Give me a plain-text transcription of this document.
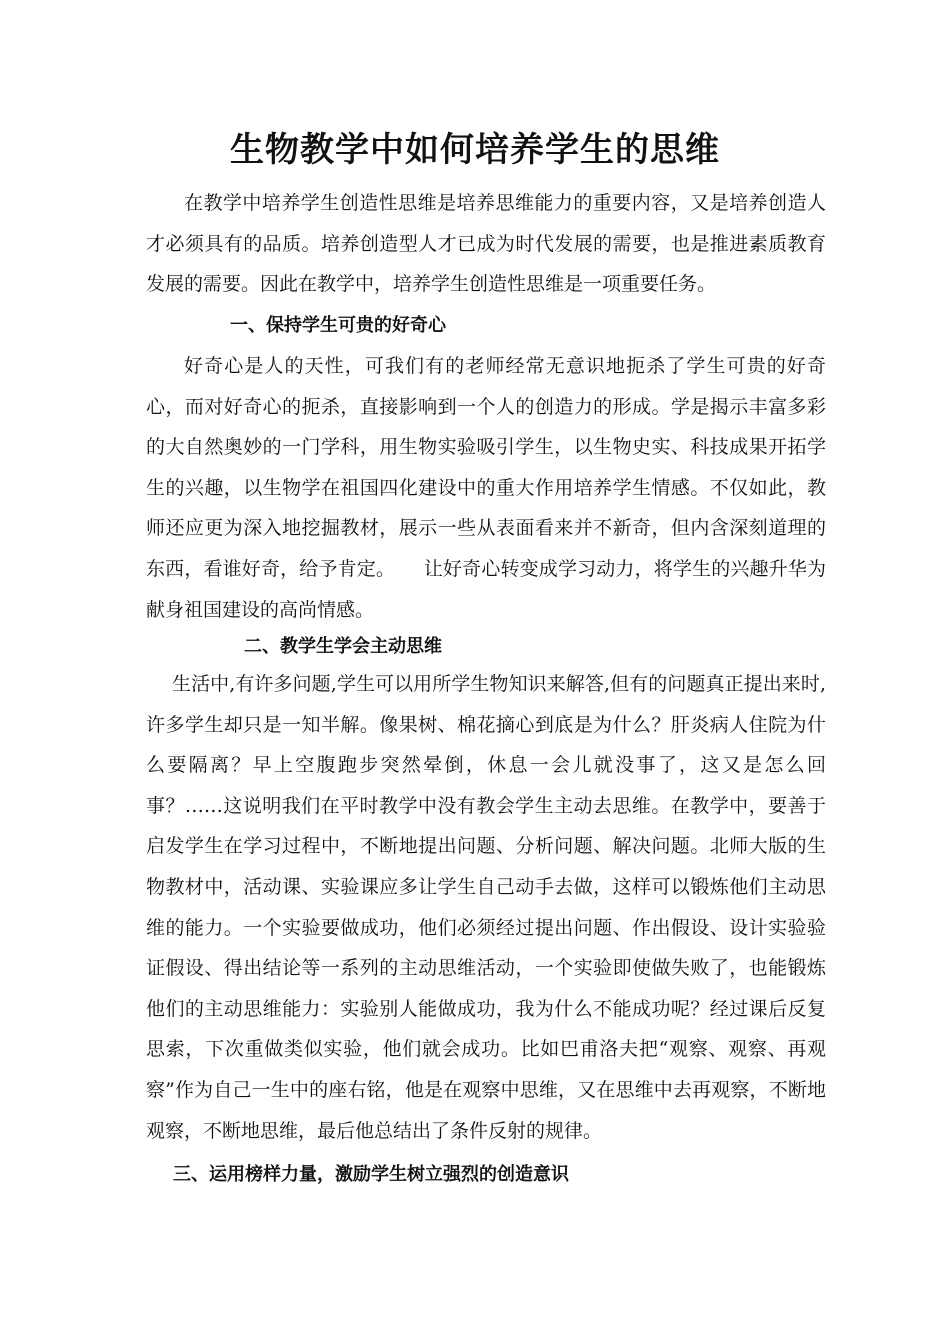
生物教学中如何培养学生的思维

在教学中培养学生创造性思维是培养思维能力的重要内容，又是培养创造人才必须具有的品质。培养创造型人才已成为时代发展的需要，也是推进素质教育发展的需要。因此在教学中，培养学生创造性思维是一项重要任务。

一、保持学生可贵的好奇心

好奇心是人的天性，可我们有的老师经常无意识地扼杀了学生可贵的好奇心，而对好奇心的扼杀，直接影响到一个人的创造力的形成。学是揭示丰富多彩的大自然奥妙的一门学科，用生物实验吸引学生，以生物史实、科技成果开拓学生的兴趣，以生物学在祖国四化建设中的重大作用培养学生情感。不仅如此，教师还应更为深入地挖掘教材，展示一些从表面看来并不新奇，但内含深刻道理的东西，看谁好奇，给予肯定。　　让好奇心转变成学习动力，将学生的兴趣升华为献身祖国建设的高尚情感。

二、教学生学会主动思维

生活中,有许多问题,学生可以用所学生物知识来解答,但有的问题真正提出来时,许多学生却只是一知半解。像果树、棉花摘心到底是为什么？肝炎病人住院为什么要隔离？早上空腹跑步突然晕倒，休息一会儿就没事了，这又是怎么回事？……这说明我们在平时教学中没有教会学生主动去思维。在教学中，要善于启发学生在学习过程中，不断地提出问题、分析问题、解决问题。北师大版的生物教材中，活动课、实验课应多让学生自己动手去做，这样可以锻炼他们主动思维的能力。一个实验要做成功，他们必须经过提出问题、作出假设、设计实验验证假设、得出结论等一系列的主动思维活动，一个实验即使做失败了，也能锻炼他们的主动思维能力：实验别人能做成功，我为什么不能成功呢？经过课后反复思索，下次重做类似实验，他们就会成功。比如巴甫洛夫把“观察、观察、再观察”作为自己一生中的座右铭，他是在观察中思维，又在思维中去再观察，不断地观察，不断地思维，最后他总结出了条件反射的规律。

三、运用榜样力量，激励学生树立强烈的创造意识
